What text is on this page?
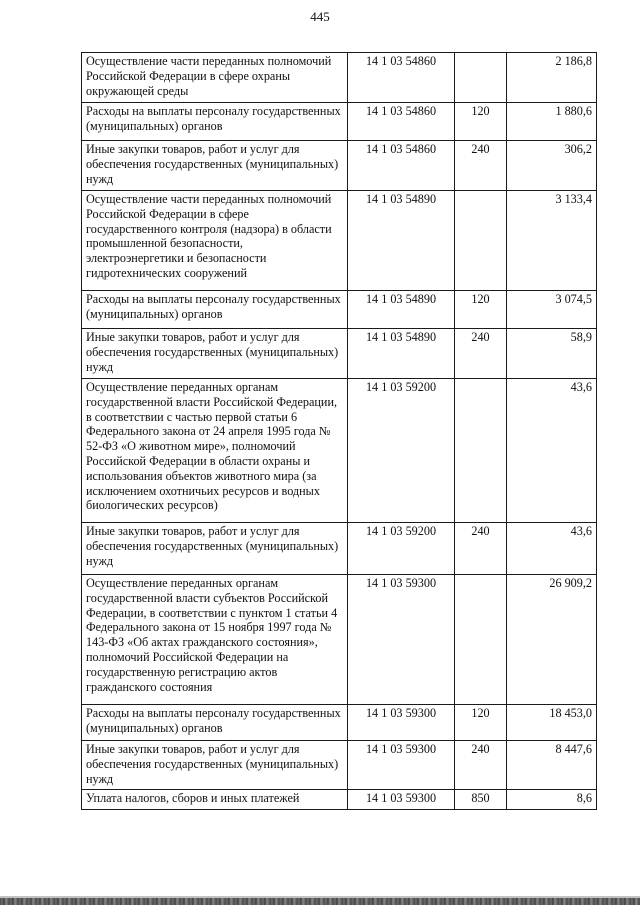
445
Осуществление части переданных полномочий Российской Федерации в сфере охраны окружающей среды	14 1 03 54860		2 186,8
Расходы на выплаты персоналу государственных (муниципальных) органов	14 1 03 54860	120	1 880,6
Иные закупки товаров, работ и услуг для обеспечения государственных (муниципальных) нужд	14 1 03 54860	240	306,2
Осуществление части переданных полномочий Российской Федерации в сфере государственного контроля (надзора) в области промышленной безопасности, электроэнергетики и безопасности гидротехнических сооружений	14 1 03 54890		3 133,4
Расходы на выплаты персоналу государственных (муниципальных) органов	14 1 03 54890	120	3 074,5
Иные закупки товаров, работ и услуг для обеспечения государственных (муниципальных) нужд	14 1 03 54890	240	58,9
Осуществление переданных органам государственной власти Российской Федерации, в соответствии с частью первой статьи 6 Федерального закона от 24 апреля 1995 года № 52-ФЗ «О животном мире», полномочий Российской Федерации в области охраны и использования объектов животного мира (за исключением охотничьих ресурсов и водных биологических ресурсов)	14 1 03 59200		43,6
Иные закупки товаров, работ и услуг для обеспечения государственных (муниципальных) нужд	14 1 03 59200	240	43,6
Осуществление переданных органам государственной власти субъектов Российской Федерации, в соответствии с пунктом 1 статьи 4 Федерального закона от 15 ноября 1997 года № 143-ФЗ «Об актах гражданского состояния», полномочий Российской Федерации на государственную регистрацию актов гражданского состояния	14 1 03 59300		26 909,2
Расходы на выплаты персоналу государственных (муниципальных) органов	14 1 03 59300	120	18 453,0
Иные закупки товаров, работ и услуг для обеспечения государственных (муниципальных) нужд	14 1 03 59300	240	8 447,6
Уплата налогов, сборов и иных платежей	14 1 03 59300	850	8,6
